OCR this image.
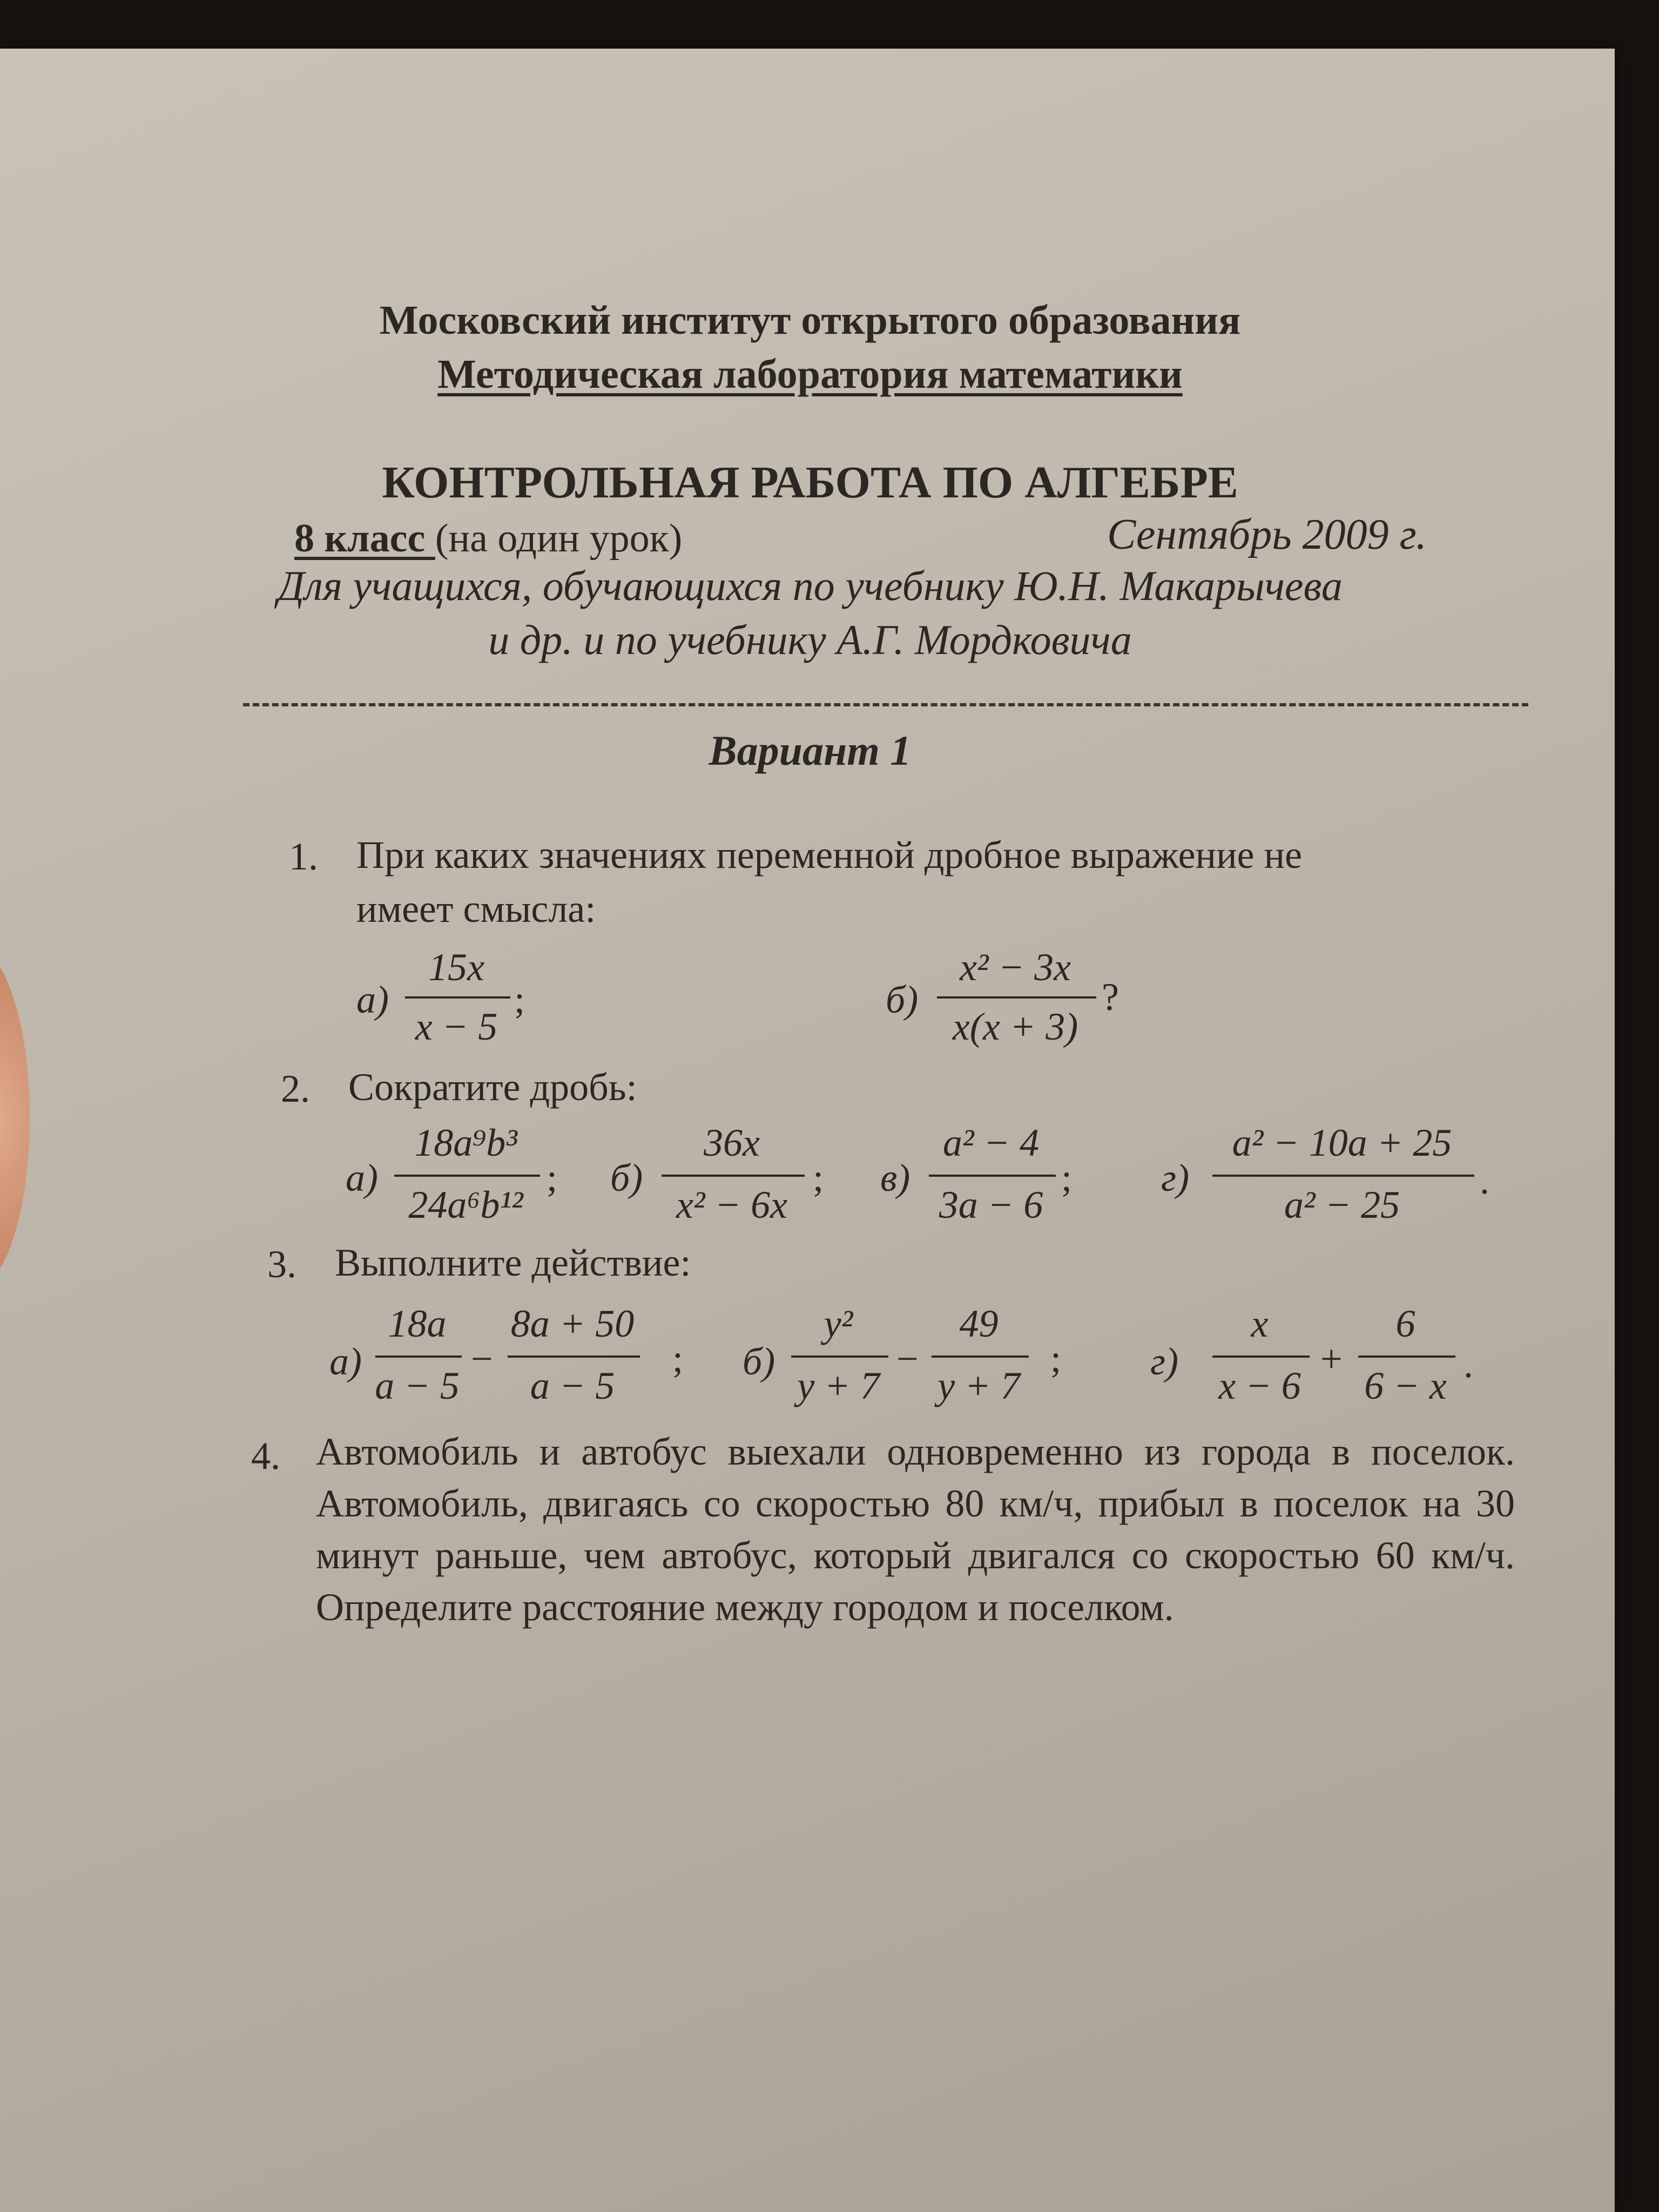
Московский институт открытого образования
Методическая лаборатория математики
КОНТРОЛЬНАЯ РАБОТА ПО АЛГЕБРЕ
8 класс (на один урок)	Сентябрь 2009 г.
Для учащихся, обучающихся по учебнику Ю.Н. Макарычева
и др. и по учебнику А.Г. Мордковича
Вариант 1
1. При каких значениях переменной дробное выражение не
имеет смысла:
а)
15x
x − 5
;	б)
x² − 3x
x(x + 3)
?
2. Сократите дробь:
а)
18a⁹b³
24a⁶b¹²
; б)
36x
x² − 6x
; в)
a² − 4
3a − 6
; г)
a² − 10a + 25
a² − 25
.
3. Выполните действие:
а)
18a
a − 5
−
8a + 50
a − 5
; б)
y²
y + 7
−
49
y + 7
; г)
x
x − 6
+
6
6 − x .
4. Автомобиль и автобус выехали одновременно из города в поселок. Автомобиль, двигаясь со скоростью 80 км/ч, прибыл в поселок на 30 минут раньше, чем автобус, который двигался со скоростью 60 км/ч. Определите расстояние между городом и поселком.
